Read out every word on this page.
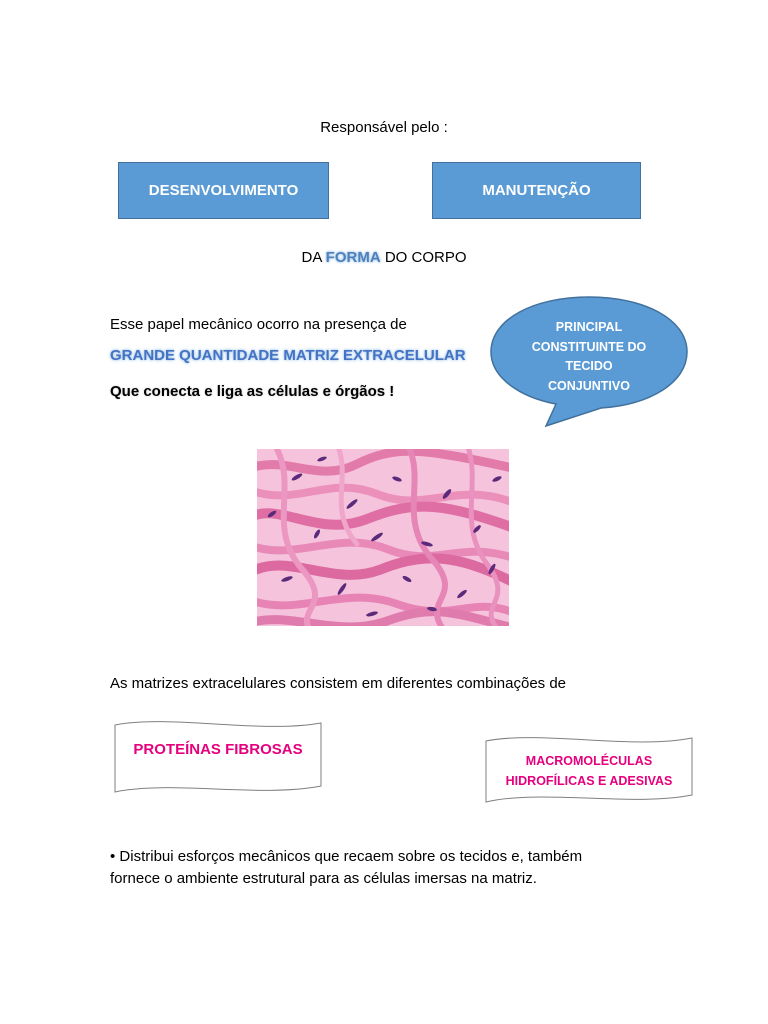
Responsável pelo :
DESENVOLVIMENTO	MANUTENÇÃO
DA FORMA DO CORPO
Esse papel mecânico ocorro na presença de
GRANDE QUANTIDADE MATRIZ EXTRACELULAR
Que conecta e liga as células e órgãos !
PRINCIPAL
CONSTITUINTE DO
TECIDO
CONJUNTIVO
As matrizes extracelulares consistem em diferentes combinações de
PROTEÍNAS FIBROSAS
MACROMOLÉCULAS
HIDROFÍLICAS E ADESIVAS
• Distribui esforços mecânicos que recaem sobre os tecidos e, também
fornece o ambiente estrutural para as células imersas na matriz.
